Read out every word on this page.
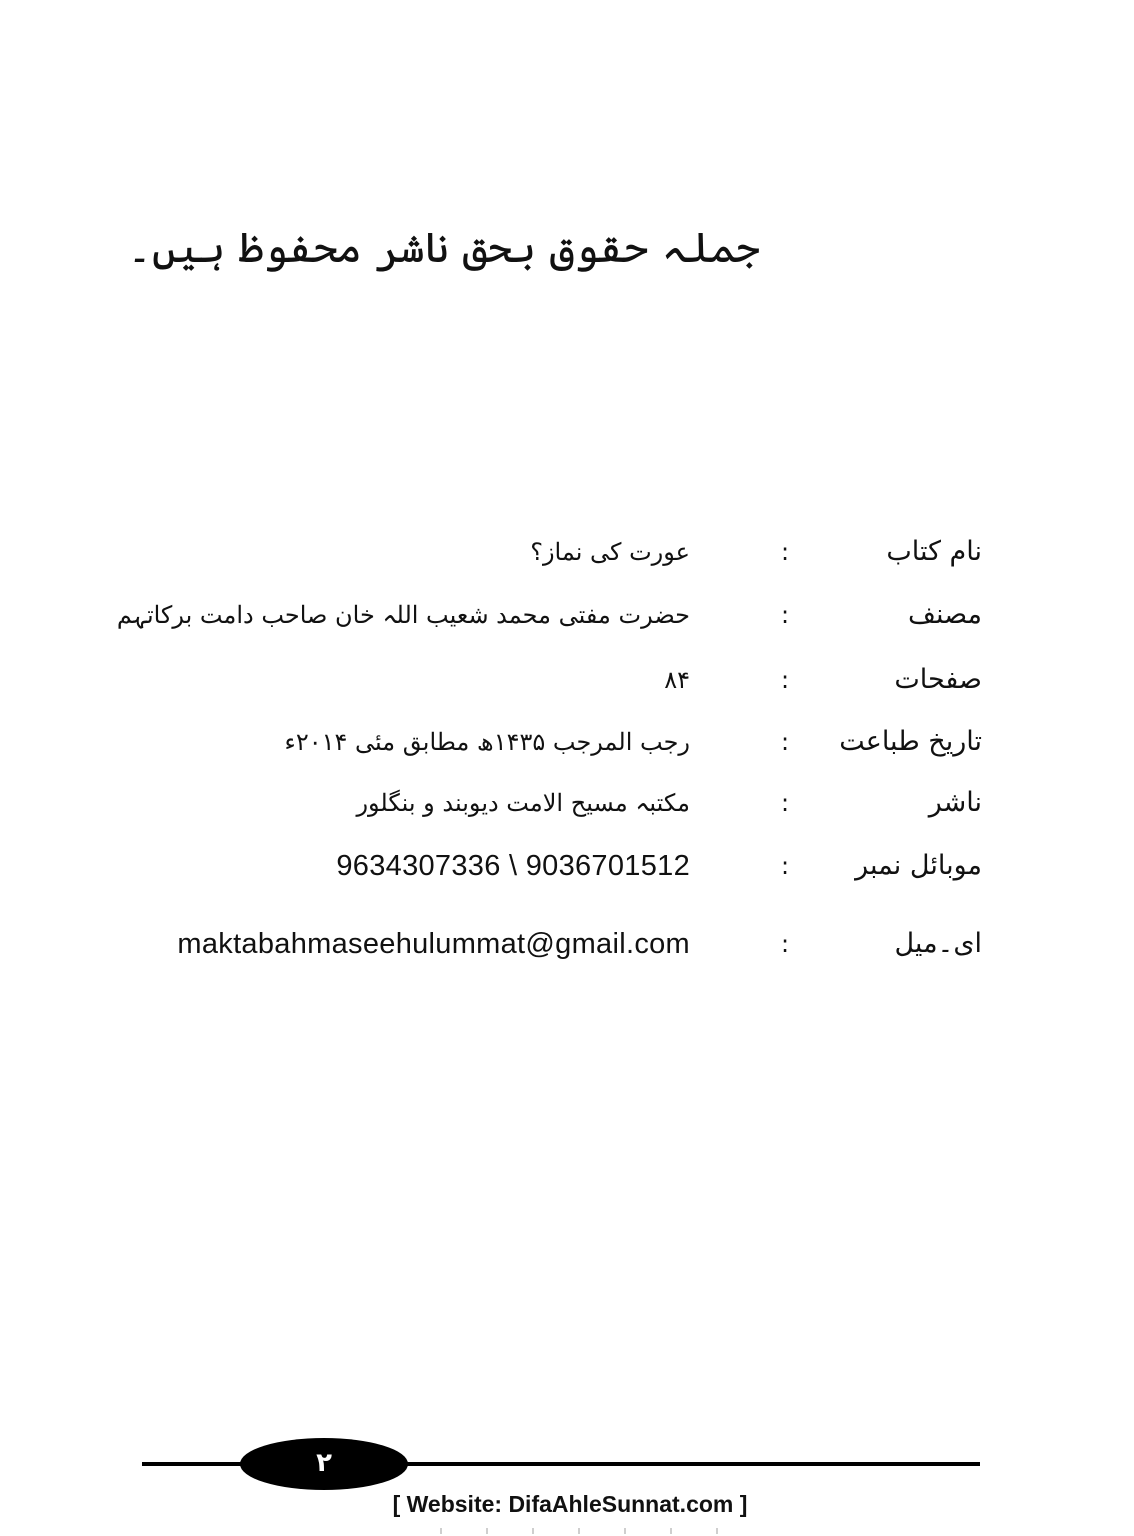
جملہ حقوق بحق ناشر محفوظ ہیں۔
نام کتاب
:
عورت کی نماز؟
مصنف
:
حضرت مفتی محمد شعیب اللہ خان صاحب دامت برکاتہم
صفحات
:
۸۴
تاریخ طباعت
:
رجب المرجب ۱۴۳۵ھ مطابق مئی ۲۰۱۴ء
ناشر
:
مکتبہ مسیح الامت دیوبند و بنگلور
موبائل نمبر
:
9634307336 \ 9036701512
ای۔میل
:
maktabahmaseehulummat@gmail.com
۲
[ Website: DifaAhleSunnat.com ]
